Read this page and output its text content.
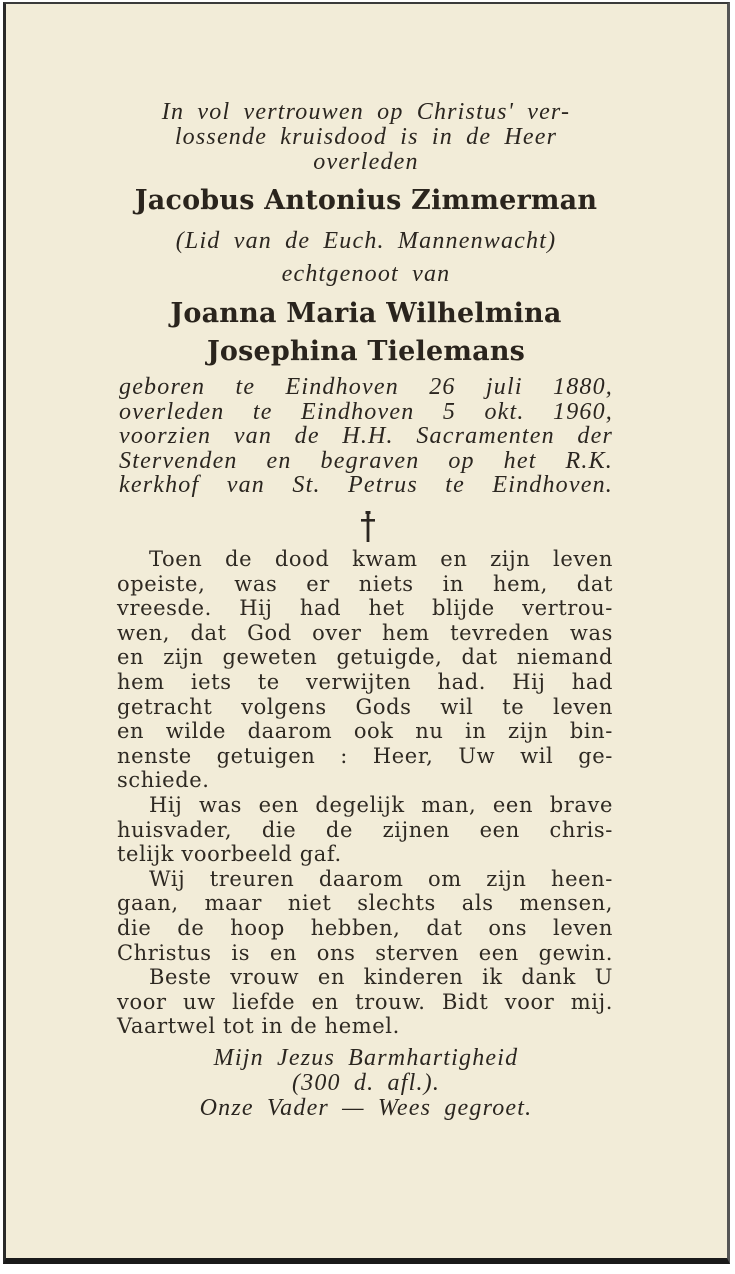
In vol vertrouwen op Christus' ver-
lossende kruisdood is in de Heer
overleden
Jacobus Antonius Zimmerman
(Lid van de Euch. Mannenwacht)
echtgenoot van
Joanna Maria Wilhelmina
Josephina Tielemans
geboren te Eindhoven 26 juli 1880,
overleden te Eindhoven 5 okt. 1960,
voorzien van de H.H. Sacramenten der
Stervenden en begraven op het R.K.
kerkhof van St. Petrus te Eindhoven.
Toen de dood kwam en zijn leven
opeiste, was er niets in hem, dat
vreesde. Hij had het blijde vertrou-
wen, dat God over hem tevreden was
en zijn geweten getuigde, dat niemand
hem iets te verwijten had. Hij had
getracht volgens Gods wil te leven
en wilde daarom ook nu in zijn bin-
nenste getuigen : Heer, Uw wil ge-
schiede.
Hij was een degelijk man, een brave
huisvader, die de zijnen een chris-
telijk voorbeeld gaf.
Wij treuren daarom om zijn heen-
gaan, maar niet slechts als mensen,
die de hoop hebben, dat ons leven
Christus is en ons sterven een gewin.
Beste vrouw en kinderen ik dank U
voor uw liefde en trouw. Bidt voor mij.
Vaartwel tot in de hemel.
Mijn Jezus Barmhartigheid
(300 d. afl.).
Onze Vader — Wees gegroet.
